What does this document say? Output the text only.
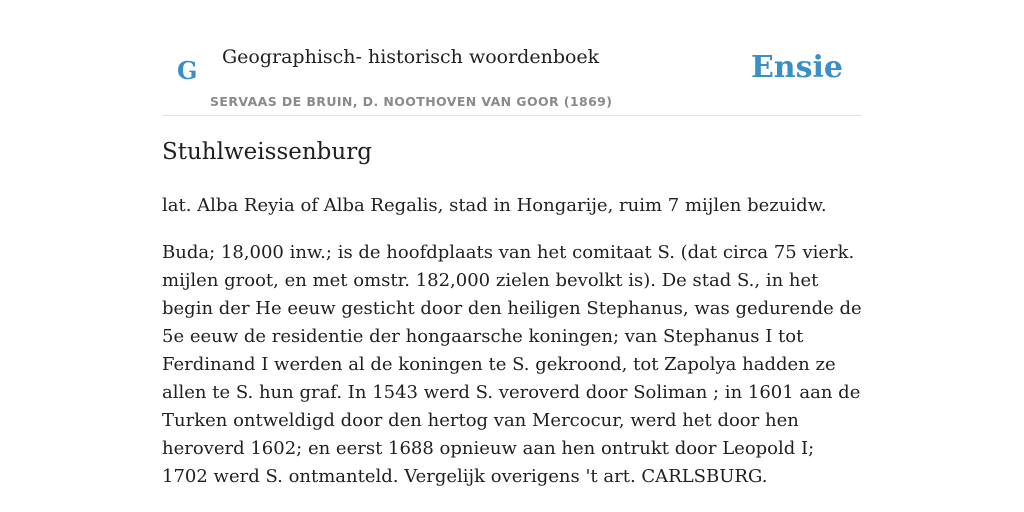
G Geographisch- historisch woordenboek
SERVAAS DE BRUIN, D. NOOTHOVEN VAN GOOR (1869)
Ensie
Stuhlweissenburg

lat. Alba Reyia of Alba Regalis, stad in Hongarije, ruim 7 mijlen bezuidw.

Buda; 18,000 inw.; is de hoofdplaats van het comitaat S. (dat circa 75 vierk. mijlen groot, en met omstr. 182,000 zielen bevolkt is). De stad S., in het begin der He eeuw gesticht door den heiligen Stephanus, was gedurende de 5e eeuw de residentie der hongaarsche koningen; van Stephanus I tot Ferdinand I werden al de koningen te S. gekroond, tot Zapolya hadden ze allen te S. hun graf. In 1543 werd S. veroverd door Soliman ; in 1601 aan de Turken ontweldigd door den hertog van Mercocur, werd het door hen heroverd 1602; en eerst 1688 opnieuw aan hen ontrukt door Leopold I; 1702 werd S. ontmanteld. Vergelijk overigens 't art. CARLSBURG.
